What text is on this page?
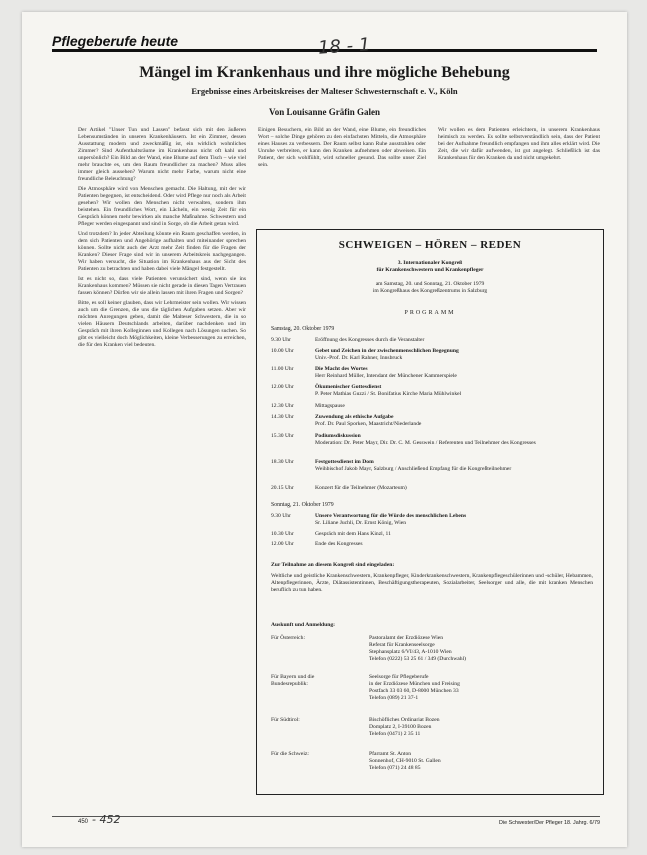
Pflegeberufe heute	18 - 1
Mängel im Krankenhaus und ihre mögliche Behebung
Ergebnisse eines Arbeitskreises der Malteser Schwesternschaft e. V., Köln
Von Louisanne Gräfin Galen

Der Artikel "Unser Tun und Lassen" befasst sich mit den äußeren Lebensumständen in unseren Krankenhäusern. Ist ein Zimmer, dessen Ausstattung modern und zweckmäßig ist, ein wirklich wohnliches Zimmer? Sind Aufenthaltsräume im Krankenhaus nicht oft kahl und unpersönlich? Ein Bild an der Wand, eine Blume auf dem Tisch – wie viel mehr brauchte es, um den Raum freundlicher zu machen? Muss alles immer gleich aussehen? Warum nicht mehr Farbe, warum nicht eine freundliche Beleuchtung?

Die Atmosphäre wird von Menschen gemacht. Die Haltung, mit der wir Patienten begegnen, ist entscheidend. Oder wird Pflege nur noch als Arbeit gesehen? Wir wollen den Menschen nicht verwalten, sondern ihm beistehen. Ein freundliches Wort, ein Lächeln, ein wenig Zeit für ein Gespräch können mehr bewirken als manche Maßnahme. Schwestern und Pfleger werden eingespannt und sind in Sorge, ob die Arbeit getan wird.

Und trotzdem? In jeder Abteilung könnte ein Raum geschaffen werden, in dem sich Patienten und Angehörige aufhalten und miteinander sprechen können. Sollte nicht auch der Arzt mehr Zeit finden für die Fragen der Kranken? Dieser Frage sind wir in unserem Arbeitskreis nachgegangen. Wir haben versucht, die Situation im Krankenhaus aus der Sicht des Patienten zu betrachten und haben dabei viele Mängel festgestellt.

Ist es nicht so, dass viele Patienten verunsichert sind, wenn sie ins Krankenhaus kommen? Müssen sie nicht gerade in diesen Tagen Vertrauen fassen können? Dürfen wir sie allein lassen mit ihren Fragen und Sorgen?

Bitte, es soll keiner glauben, dass wir Lehrmeister sein wollen. Wir wissen auch um die Grenzen, die uns die täglichen Aufgaben setzen. Aber wir möchten Anregungen geben, damit die Malteser Schwestern, die in so vielen Häusern Deutschlands arbeiten, darüber nachdenken und im Gespräch mit ihren Kolleginnen und Kollegen nach Lösungen suchen. So gibt es vielleicht doch Möglichkeiten, kleine Verbesserungen zu erreichen, die für den Kranken viel bedeuten.

Einigen Besuchern, ein Bild an der Wand, eine Blume, ein freundliches Wort – solche Dinge gehören zu den einfachsten Mitteln, die Atmosphäre eines Hauses zu verbessern. Der Raum selbst kann Ruhe ausstrahlen oder Unruhe verbreiten, er kann den Kranken aufnehmen oder abweisen. Ein Patient, der sich wohlfühlt, wird schneller gesund. Das sollte unser Ziel sein.

Wir wollen es dem Patienten erleichtern, in unserem Krankenhaus heimisch zu werden. Es sollte selbstverständlich sein, dass der Patient bei der Aufnahme freundlich empfangen und ihm alles erklärt wird. Die Zeit, die wir dafür aufwenden, ist gut angelegt. Schließlich ist das Krankenhaus für den Kranken da und nicht umgekehrt.

SCHWEIGEN – HÖREN – REDEN
3. Internationaler Kongreß
für Krankenschwestern und Krankenpfleger
am Samstag, 20. und Sonntag, 21. Oktober 1979
im Kongreßhaus des Kongreßzentrums in Salzburg
PROGRAMM
Samstag, 20. Oktober 1979
9.30 Uhr	Eröffnung des Kongresses durch die Veranstalter
10.00 Uhr	Gebet und Zeichen in der zwischenmenschlichen Begegnung
Univ.-Prof. Dr. Karl Rahner, Innsbruck
11.00 Uhr	Die Macht des Wortes
Herr Reinhard Müller, Intendant der Münchener Kammerspiele
12.00 Uhr	Ökumenischer Gottesdienst
P. Peter Mathias Guzzi / St. Bonifatius Kirche Maria Mühlwinkel
12.30 Uhr	Mittagspause
14.30 Uhr	Zuwendung als ethische Aufgabe
Prof. Dr. Paul Sporken, Maastricht/Niederlande
15.30 Uhr	Podiumsdiskussion
Moderation: Dr. Peter Mayr, Dir. Dr. C. M. Gesswein / Referenten und Teilnehmer des Kongresses
18.30 Uhr	Festgottesdienst im Dom
Weihbischof Jakob Mayr, Salzburg / Anschließend Empfang für die Kongreßteilnehmer
20.15 Uhr	Konzert für die Teilnehmer (Mozarteum)
Sonntag, 21. Oktober 1979
9.30 Uhr	Unsere Verantwortung für die Würde des menschlichen Lebens
Sr. Liliane Juchli, Dr. Ernst König, Wien
10.30 Uhr	Gespräch mit dem Hans Kinzl, 11
12.00 Uhr	Ende des Kongresses
Zur Teilnahme an diesem Kongreß sind eingeladen:
Weltliche und geistliche Krankenschwestern, Krankenpfleger, Kinderkrankenschwestern, Krankenpflegeschülerinnen und -schüler, Hebammen, Altenpflegerinnen, Ärzte, Diätassistentinnen, Beschäftigungstherapeuten, Sozialarbeiter, Seelsorger und alle, die mit kranken Menschen beruflich zu tun haben.
Auskunft und Anmeldung:
Für Österreich:	Pastoralamt der Erzdiözese Wien
Referat für Krankenseelsorge
Stephansplatz 6/VI/43, A-1010 Wien
Telefon (0222) 53 25 61 / 349 (Durchwahl)
Für Bayern und die Bundesrepublik:
Seelsorge für Pflegeberufe
in der Erzdiözese München und Freising
Postfach 33 03 60, D-8000 München 33
Telefon (089) 21 37-1
Für Südtirol:	Bischöfliches Ordinariat Bozen
Domplatz 2, I-39100 Bozen
Telefon (0471) 2 35 11
Für die Schweiz:	Pfarramt St. Anton
Sonnenhof, CH-9010 St. Gallen
Telefon (071) 24 48 85
450 - 452	Die Schwester/Der Pfleger 18. Jahrg. 6/79
